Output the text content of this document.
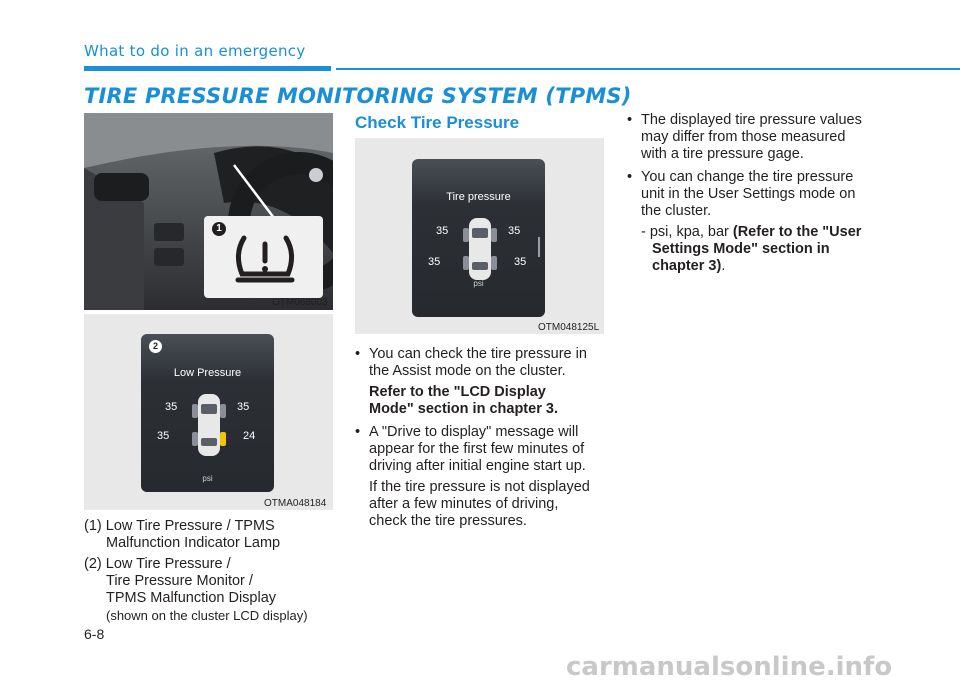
What to do in an emergency
TIRE PRESSURE MONITORING SYSTEM (TPMS)
1
OTM068003
2
Low Pressure
35	35
35	24
psi
OTMA048184
(1) Low Tire Pressure / TPMS
Malfunction Indicator Lamp
(2) Low Tire Pressure /
Tire Pressure Monitor /
TPMS Malfunction Display
(shown on the cluster LCD display)
Check Tire Pressure
Tire pressure
35	35
35	35
psi
OTM048125L
• You can check the tire pressure in
the Assist mode on the cluster.
Refer to the "LCD Display
Mode" section in chapter 3.
• A "Drive to display" message will
appear for the first few minutes of
driving after initial engine start up.
If the tire pressure is not displayed
after a few minutes of driving,
check the tire pressures.
• The displayed tire pressure values
may differ from those measured
with a tire pressure gage.
• You can change the tire pressure
unit in the User Settings mode on
the cluster.
- psi, kpa, bar (Refer to the "User
Settings Mode" section in
chapter 3).
6-8
carmanualsonline.info
